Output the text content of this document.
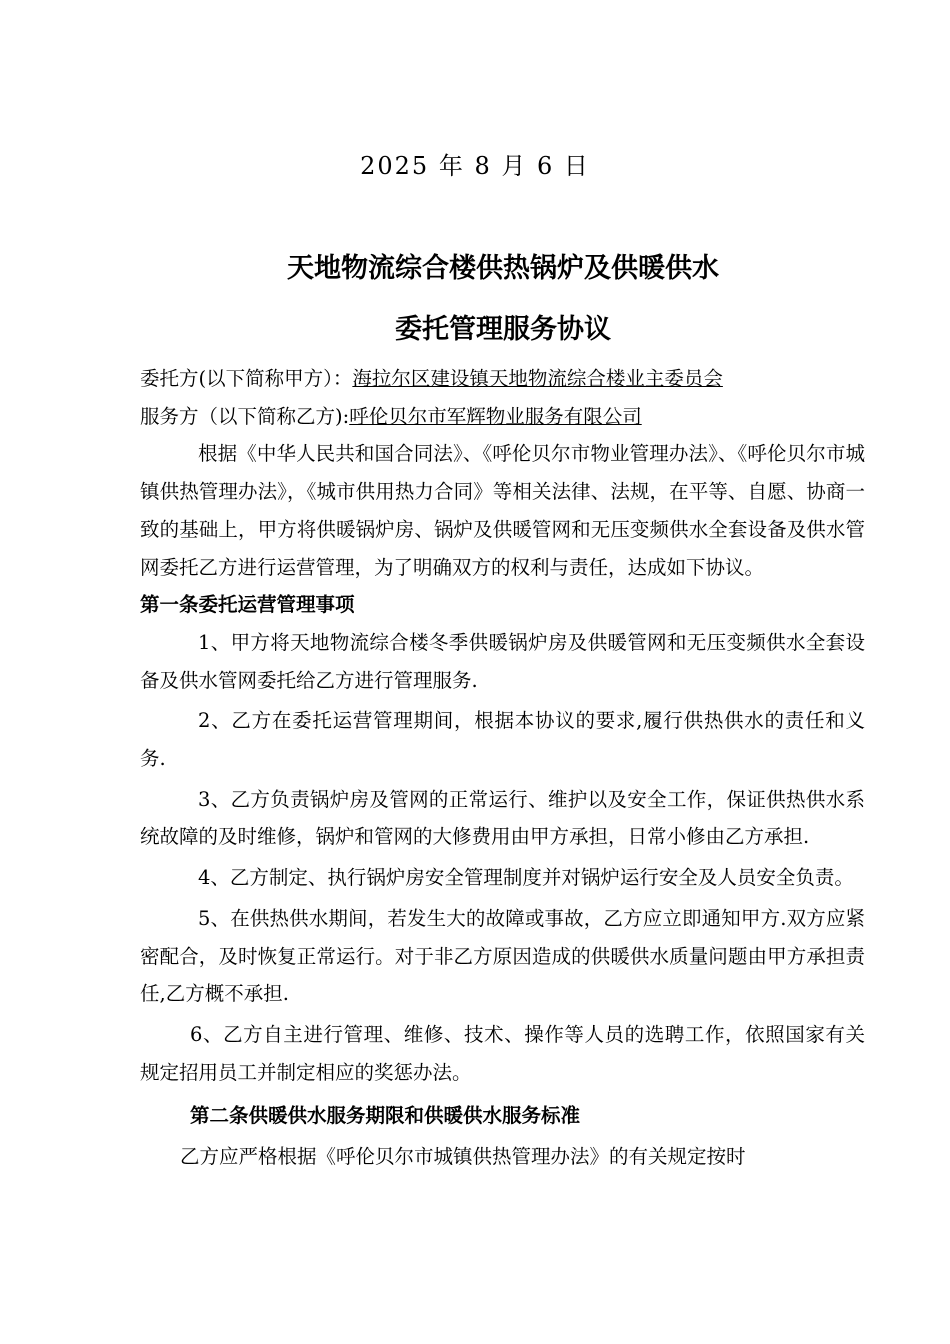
2025 年 8 月 6 日
天地物流综合楼供热锅炉及供暖供水
委托管理服务协议

委托方(以下简称甲方）：海拉尔区建设镇天地物流综合楼业主委员会

服务方（以下简称乙方):呼伦贝尔市军辉物业服务有限公司

根据《中华人民共和国合同法》、《呼伦贝尔市物业管理办法》、《呼伦贝尔市城镇供热管理办法》，《城市供用热力合同》等相关法律、法规，在平等、自愿、协商一致的基础上，甲方将供暖锅炉房、锅炉及供暖管网和无压变频供水全套设备及供水管网委托乙方进行运营管理，为了明确双方的权利与责任，达成如下协议。

第一条委托运营管理事项

1、甲方将天地物流综合楼冬季供暖锅炉房及供暖管网和无压变频供水全套设备及供水管网委托给乙方进行管理服务.

2、乙方在委托运营管理期间，根据本协议的要求,履行供热供水的责任和义务.

3、乙方负责锅炉房及管网的正常运行、维护以及安全工作，保证供热供水系统故障的及时维修，锅炉和管网的大修费用由甲方承担，日常小修由乙方承担.

4、乙方制定、执行锅炉房安全管理制度并对锅炉运行安全及人员安全负责。

5、在供热供水期间，若发生大的故障或事故，乙方应立即通知甲方.双方应紧密配合，及时恢复正常运行。对于非乙方原因造成的供暖供水质量问题由甲方承担责任,乙方概不承担.

6、乙方自主进行管理、维修、技术、操作等人员的选聘工作，依照国家有关规定招用员工并制定相应的奖惩办法。

第二条供暖供水服务期限和供暖供水服务标准

乙方应严格根据《呼伦贝尔市城镇供热管理办法》的有关规定按时
